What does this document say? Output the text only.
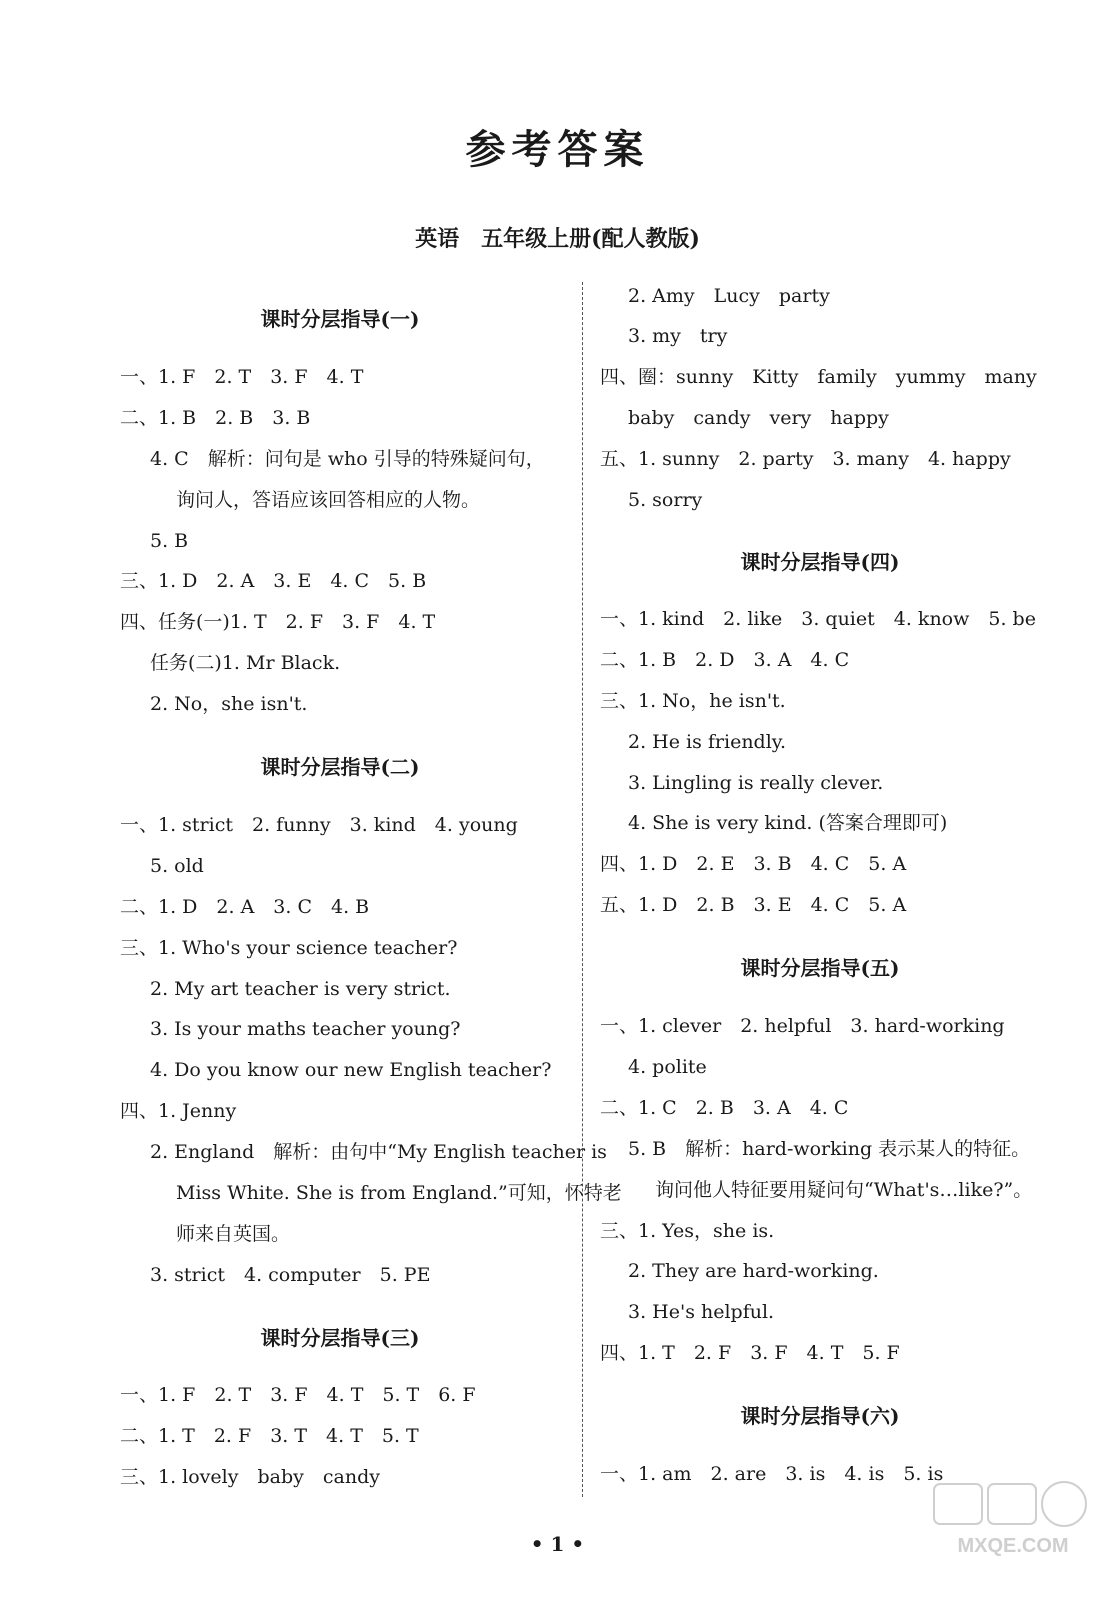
参考答案
英语　五年级上册(配人教版)
课时分层指导(一)
一、1. F　2. T　3. F　4. T
二、1. B　2. B　3. B
4. C　解析：问句是 who 引导的特殊疑问句，
询问人，答语应该回答相应的人物。
5. B
三、1. D　2. A　3. E　4. C　5. B
四、任务(一)1. T　2. F　3. F　4. T
任务(二)1. Mr Black.
2. No，she isn't.
课时分层指导(二)
一、1. strict　2. funny　3. kind　4. young
5. old
二、1. D　2. A　3. C　4. B
三、1. Who's your science teacher?
2. My art teacher is very strict.
3. Is your maths teacher young?
4. Do you know our new English teacher?
四、1. Jenny
2. England　解析：由句中“My English teacher is
Miss White. She is from England.”可知，怀特老
师来自英国。
3. strict　4. computer　5. PE
课时分层指导(三)
一、1. F　2. T　3. F　4. T　5. T　6. F
二、1. T　2. F　3. T　4. T　5. T
三、1. lovely　baby　candy
2. Amy　Lucy　party
3. my　try
四、圈：sunny　Kitty　family　yummy　many
baby　candy　very　happy
五、1. sunny　2. party　3. many　4. happy
5. sorry
课时分层指导(四)
一、1. kind　2. like　3. quiet　4. know　5. be
二、1. B　2. D　3. A　4. C
三、1. No，he isn't.
2. He is friendly.
3. Lingling is really clever.
4. She is very kind. (答案合理即可)
四、1. D　2. E　3. B　4. C　5. A
五、1. D　2. B　3. E　4. C　5. A
课时分层指导(五)
一、1. clever　2. helpful　3. hard-working
4. polite
二、1. C　2. B　3. A　4. C
5. B　解析：hard-working 表示某人的特征。
询问他人特征要用疑问句“What's…like?”。
三、1. Yes，she is.
2. They are hard-working.
3. He's helpful.
四、1. T　2. F　3. F　4. T　5. F
课时分层指导(六)
一、1. am　2. are　3. is　4. is　5. is
• 1 •	MXQE.COM
